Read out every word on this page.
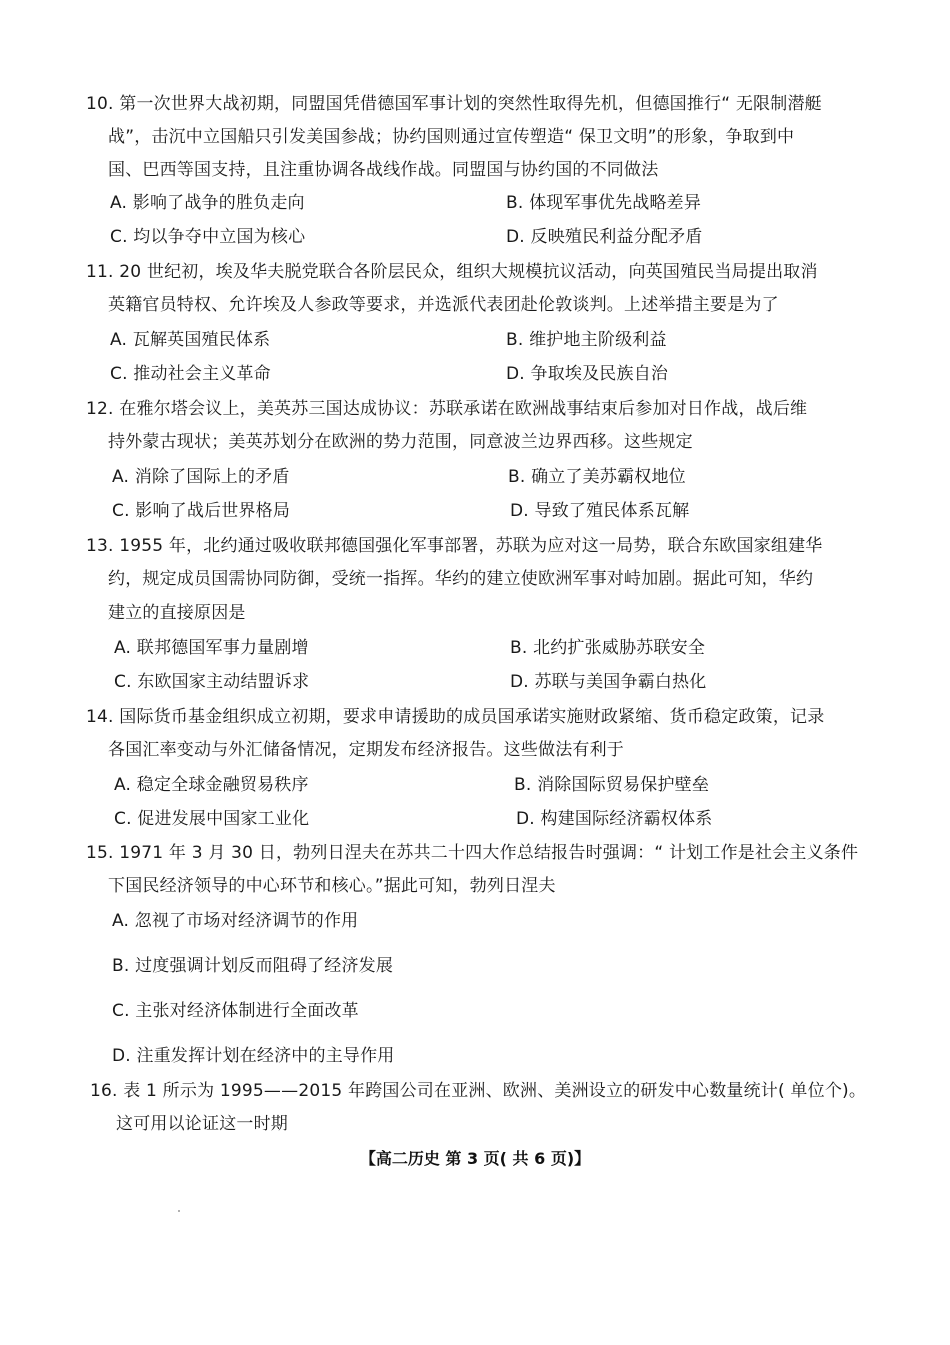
10. 第一次世界大战初期，同盟国凭借德国军事计划的突然性取得先机，但德国推行“ 无限制潜艇
战”，击沉中立国船只引发美国参战；协约国则通过宣传塑造“ 保卫文明”的形象，争取到中
国、巴西等国支持，且注重协调各战线作战。同盟国与协约国的不同做法
A. 影响了战争的胜负走向	B. 体现军事优先战略差异
C. 均以争夺中立国为核心	D. 反映殖民利益分配矛盾
11. 20 世纪初，埃及华夫脱党联合各阶层民众，组织大规模抗议活动，向英国殖民当局提出取消
英籍官员特权、允许埃及人参政等要求，并选派代表团赴伦敦谈判。上述举措主要是为了
A. 瓦解英国殖民体系	B. 维护地主阶级利益
C. 推动社会主义革命	D. 争取埃及民族自治
12. 在雅尔塔会议上，美英苏三国达成协议：苏联承诺在欧洲战事结束后参加对日作战，战后维
持外蒙古现状；美英苏划分在欧洲的势力范围，同意波兰边界西移。这些规定
A. 消除了国际上的矛盾	B. 确立了美苏霸权地位
C. 影响了战后世界格局	D. 导致了殖民体系瓦解
13. 1955 年，北约通过吸收联邦德国强化军事部署，苏联为应对这一局势，联合东欧国家组建华
约，规定成员国需协同防御，受统一指挥。华约的建立使欧洲军事对峙加剧。据此可知，华约
建立的直接原因是
A. 联邦德国军事力量剧增	B. 北约扩张威胁苏联安全
C. 东欧国家主动结盟诉求	D. 苏联与美国争霸白热化
14. 国际货币基金组织成立初期，要求申请援助的成员国承诺实施财政紧缩、货币稳定政策，记录
各国汇率变动与外汇储备情况，定期发布经济报告。这些做法有利于
A. 稳定全球金融贸易秩序	B. 消除国际贸易保护壁垒
C. 促进发展中国家工业化	D. 构建国际经济霸权体系
15. 1971 年 3 月 30 日，勃列日涅夫在苏共二十四大作总结报告时强调：“ 计划工作是社会主义条件
下国民经济领导的中心环节和核心。”据此可知，勃列日涅夫
A. 忽视了市场对经济调节的作用
B. 过度强调计划反而阻碍了经济发展
C. 主张对经济体制进行全面改革
D. 注重发挥计划在经济中的主导作用
16. 表 1 所示为 1995——2015 年跨国公司在亚洲、欧洲、美洲设立的研发中心数量统计( 单位个)。
这可用以论证这一时期
【高二历史 第 3 页( 共 6 页)】
